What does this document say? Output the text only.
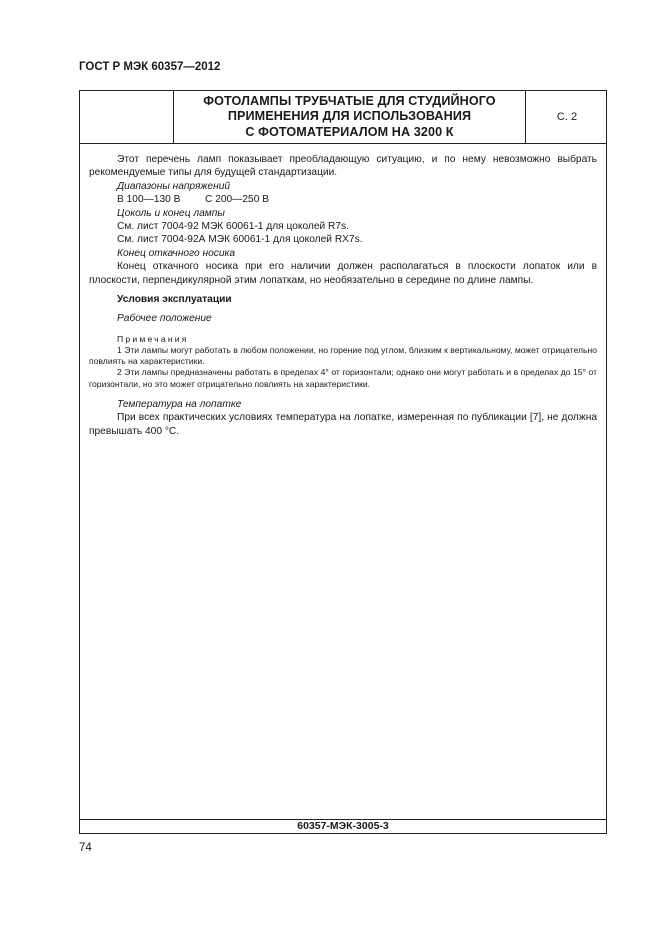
ГОСТ Р МЭК 60357—2012
ФОТОЛАМПЫ ТРУБЧАТЫЕ ДЛЯ СТУДИЙНОГО
ПРИМЕНЕНИЯ ДЛЯ ИСПОЛЬЗОВАНИЯ
С ФОТОМАТЕРИАЛОМ НА 3200 К
С. 2

Этот перечень ламп показывает преобладающую ситуацию, и по нему невозможно выбрать рекомендуемые типы для будущей стандартизации.

Диапазоны напряжений

В 100—130 В С 200—250 В

Цоколь и конец лампы

См. лист 7004-92 МЭК 60061-1 для цоколей R7s.

См. лист 7004-92А МЭК 60061-1 для цоколей RX7s.

Конец откачного носика

Конец откачного носика при его наличии должен располагаться в плоскости лопаток или в плоскости, перпендикулярной этим лопаткам, но необязательно в середине по длине лампы.

Условия эксплуатации

Рабочее положение

Примечания

1 Эти лампы могут работать в любом положении, но горение под углом, близким к вертикальному, может отрицательно повлиять на характеристики.

2 Эти лампы предназначены работать в пределах 4° от горизонтали; однако они могут работать и в пределах до 15° от горизонтали, но это может отрицательно повлиять на характеристики.

Температура на лопатке

При всех практических условиях температура на лопатке, измеренная по публикации [7], не должна превышать 400 °С.

60357-МЭК-3005-3
74
